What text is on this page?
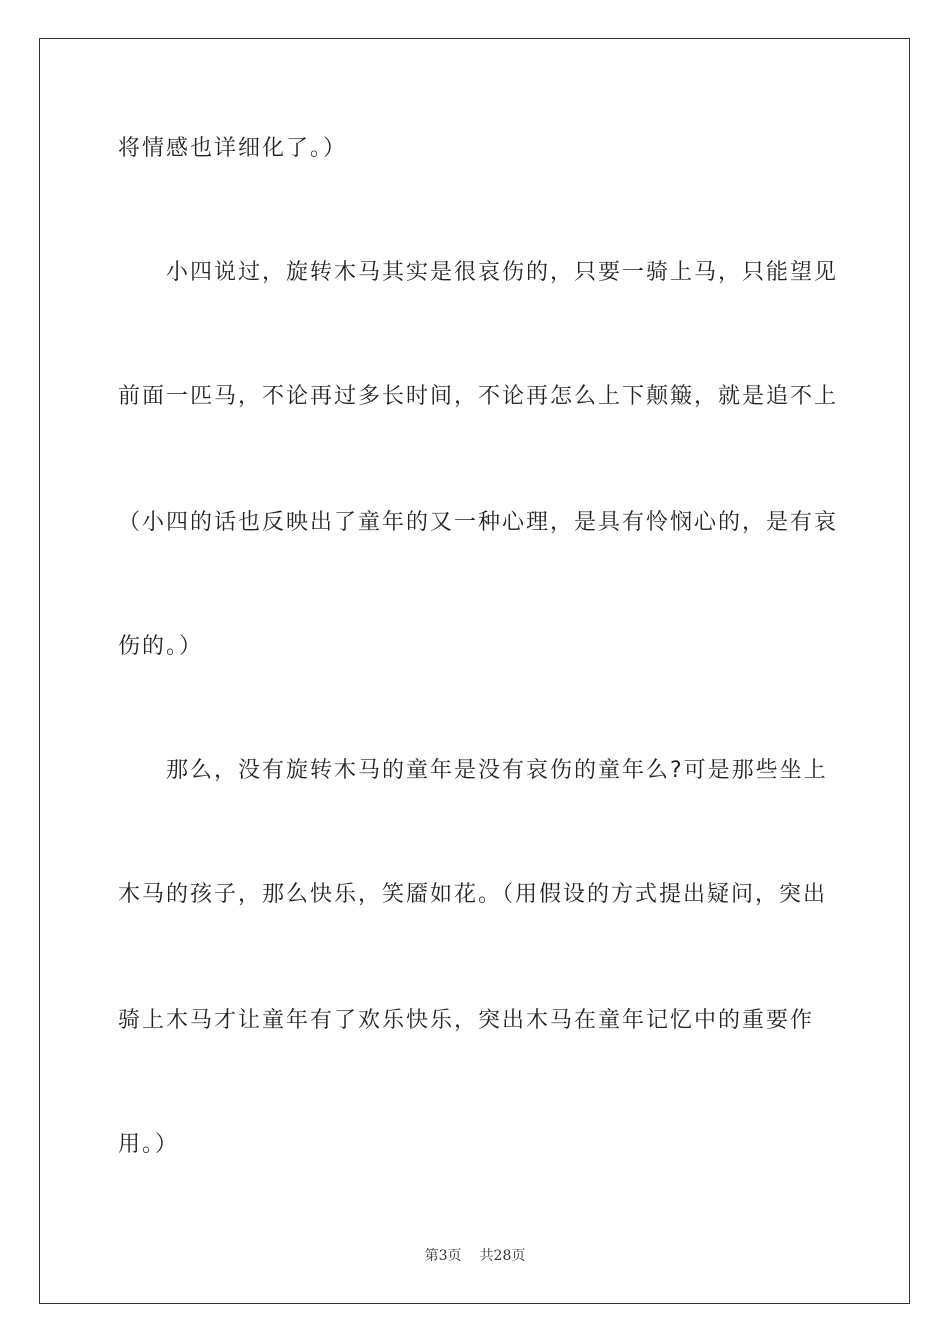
将情感也详细化了。）
　　小四说过，旋转木马其实是很哀伤的，只要一骑上马，只能望见
前面一匹马，不论再过多长时间，不论再怎么上下颠簸，就是追不上
（小四的话也反映出了童年的又一种心理，是具有怜悯心的，是有哀
伤的。）
　　那么，没有旋转木马的童年是没有哀伤的童年么?可是那些坐上
木马的孩子，那么快乐，笑靥如花。（用假设的方式提出疑问，突出
骑上木马才让童年有了欢乐快乐，突出木马在童年记忆中的重要作
用。）
第3页 共28页
